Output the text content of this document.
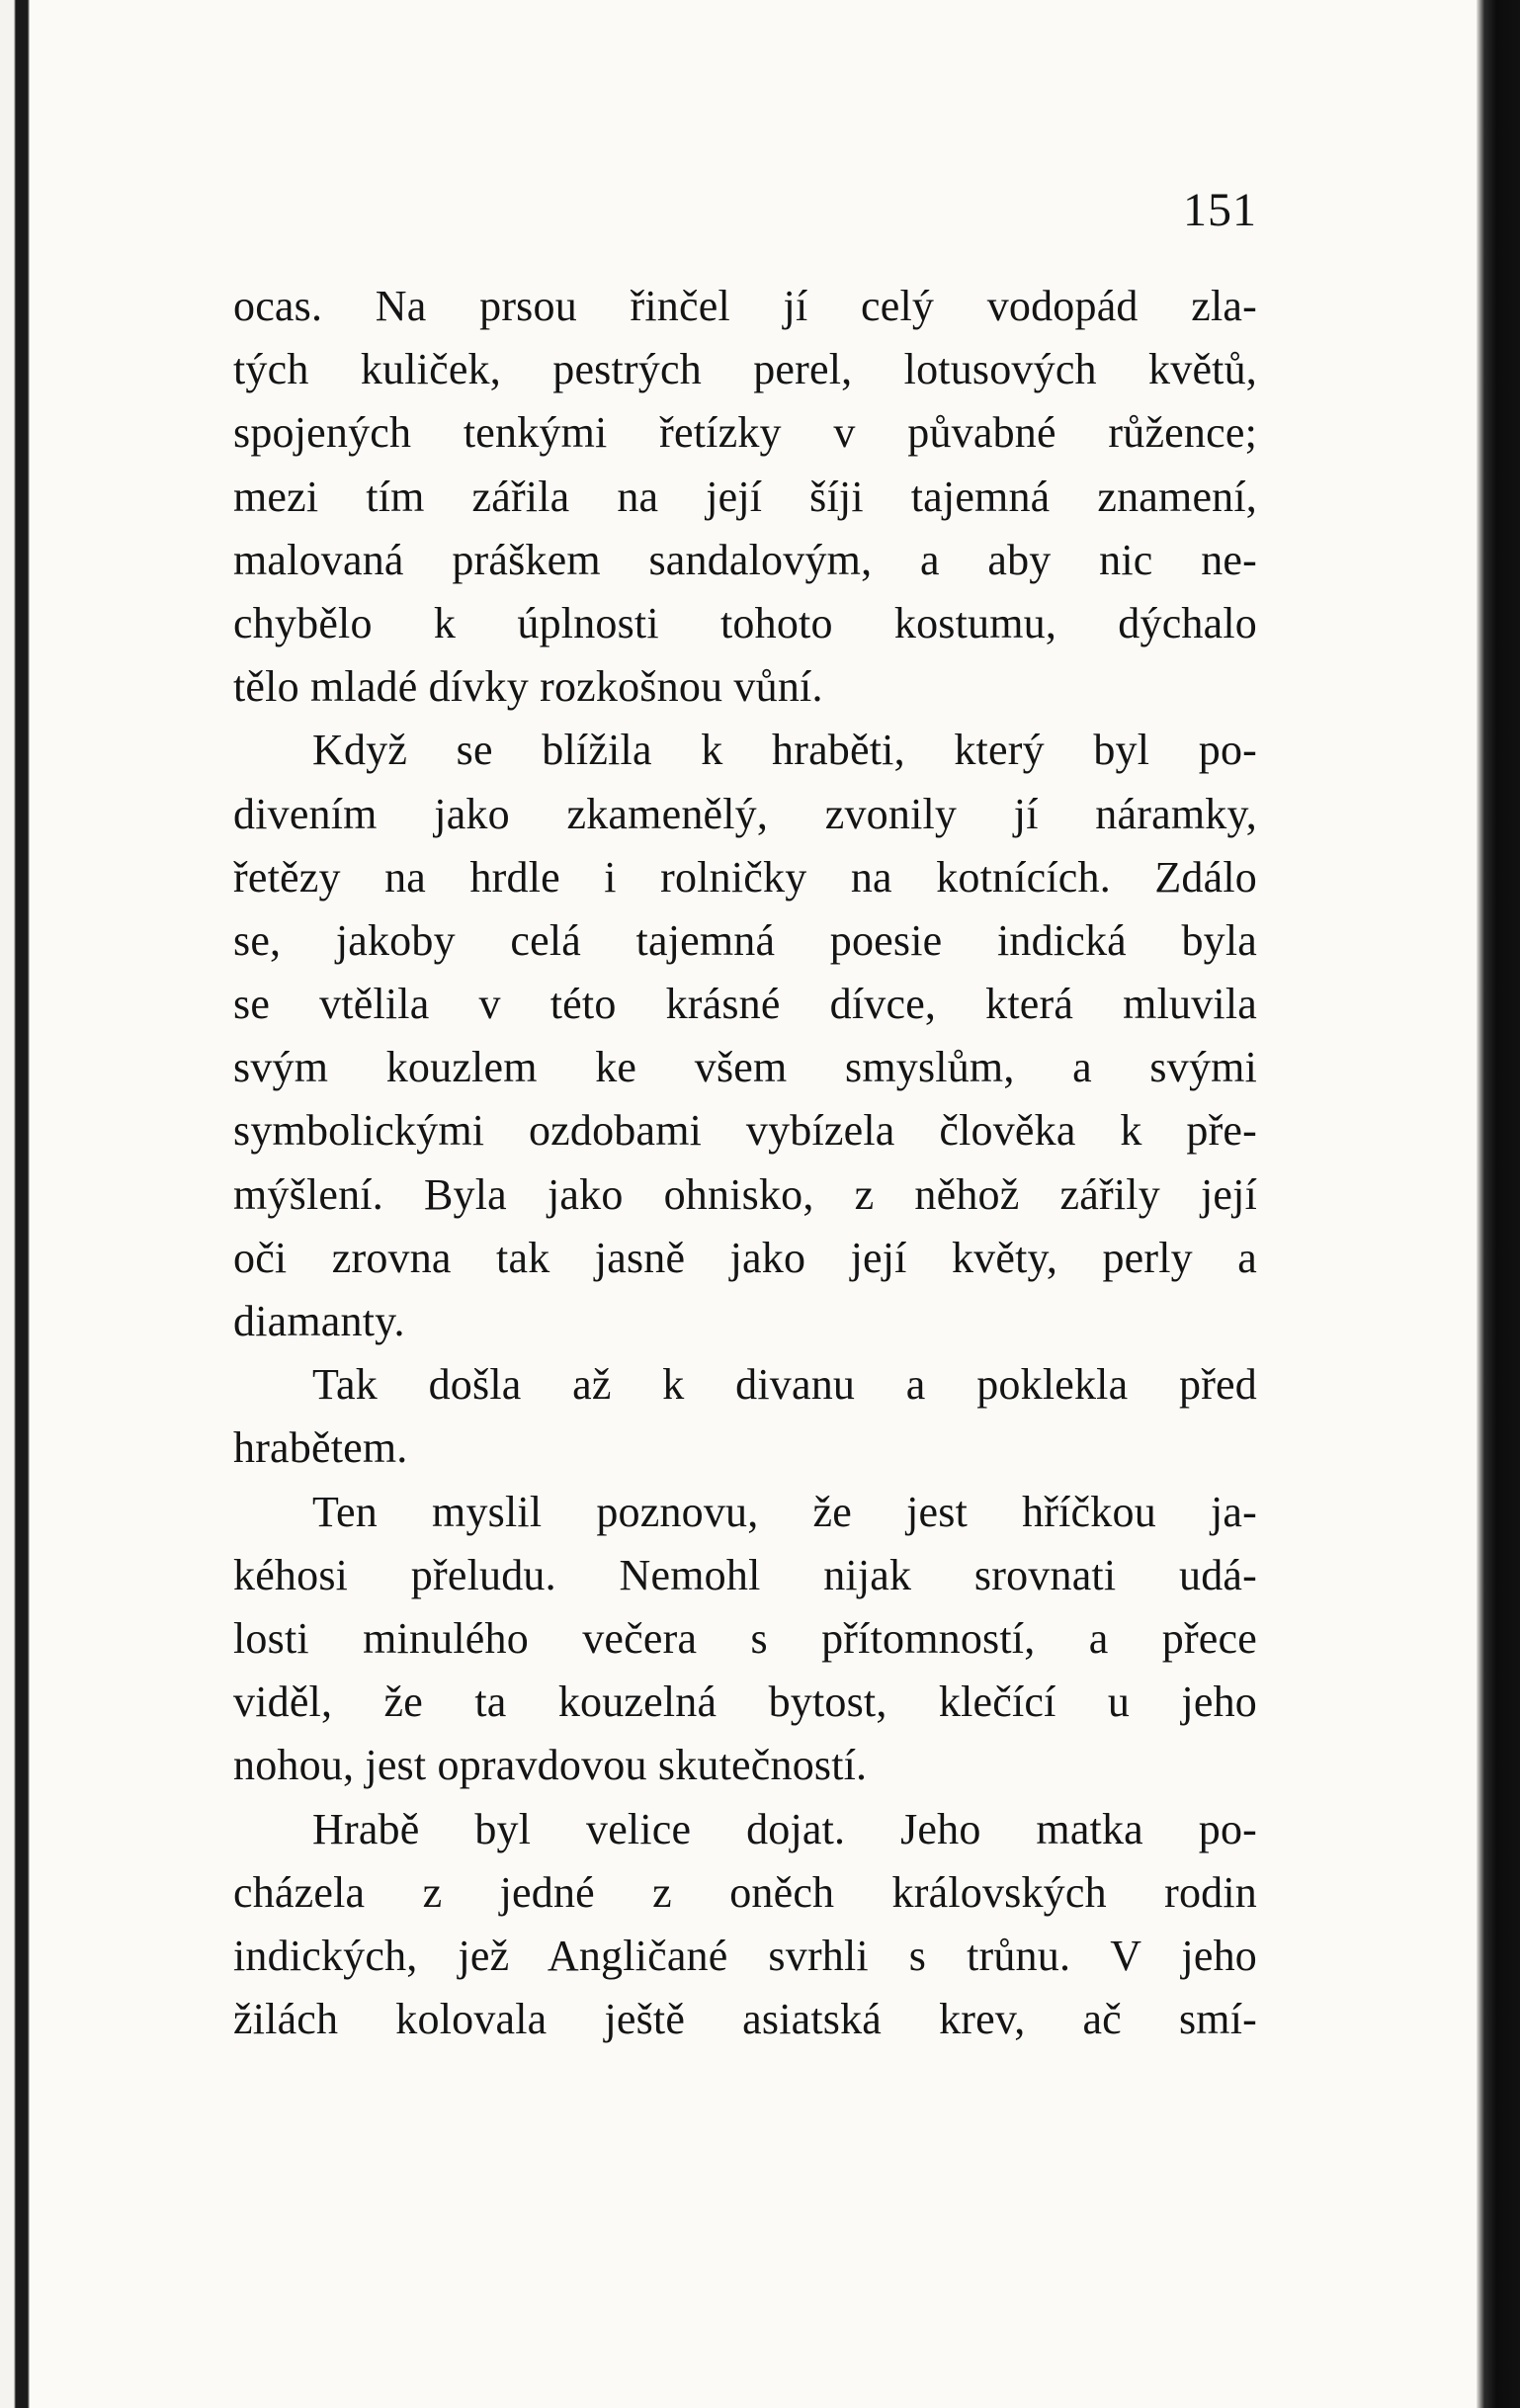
151
ocas. Na prsou řinčel jí celý vodopád zla-
tých kuliček, pestrých perel, lotusových květů,
spojených tenkými řetízky v půvabné růžence;
mezi tím zářila na její šíji tajemná znamení,
malovaná práškem sandalovým, a aby nic ne-
chybělo k úplnosti tohoto kostumu, dýchalo
tělo mladé dívky rozkošnou vůní.
Když se blížila k hraběti, který byl po-
divením jako zkamenělý, zvonily jí náramky,
řetězy na hrdle i rolničky na kotnících. Zdálo
se, jakoby celá tajemná poesie indická byla
se vtělila v této krásné dívce, která mluvila
svým kouzlem ke všem smyslům, a svými
symbolickými ozdobami vybízela člověka k pře-
mýšlení. Byla jako ohnisko, z něhož zářily její
oči zrovna tak jasně jako její květy, perly a
diamanty.
Tak došla až k divanu a poklekla před
hrabětem.
Ten myslil poznovu, že jest hříčkou ja-
kéhosi přeludu. Nemohl nijak srovnati udá-
losti minulého večera s přítomností, a přece
viděl, že ta kouzelná bytost, klečící u jeho
nohou, jest opravdovou skutečností.
Hrabě byl velice dojat. Jeho matka po-
cházela z jedné z oněch královských rodin
indických, jež Angličané svrhli s trůnu. V jeho
žilách kolovala ještě asiatská krev, ač smí-
